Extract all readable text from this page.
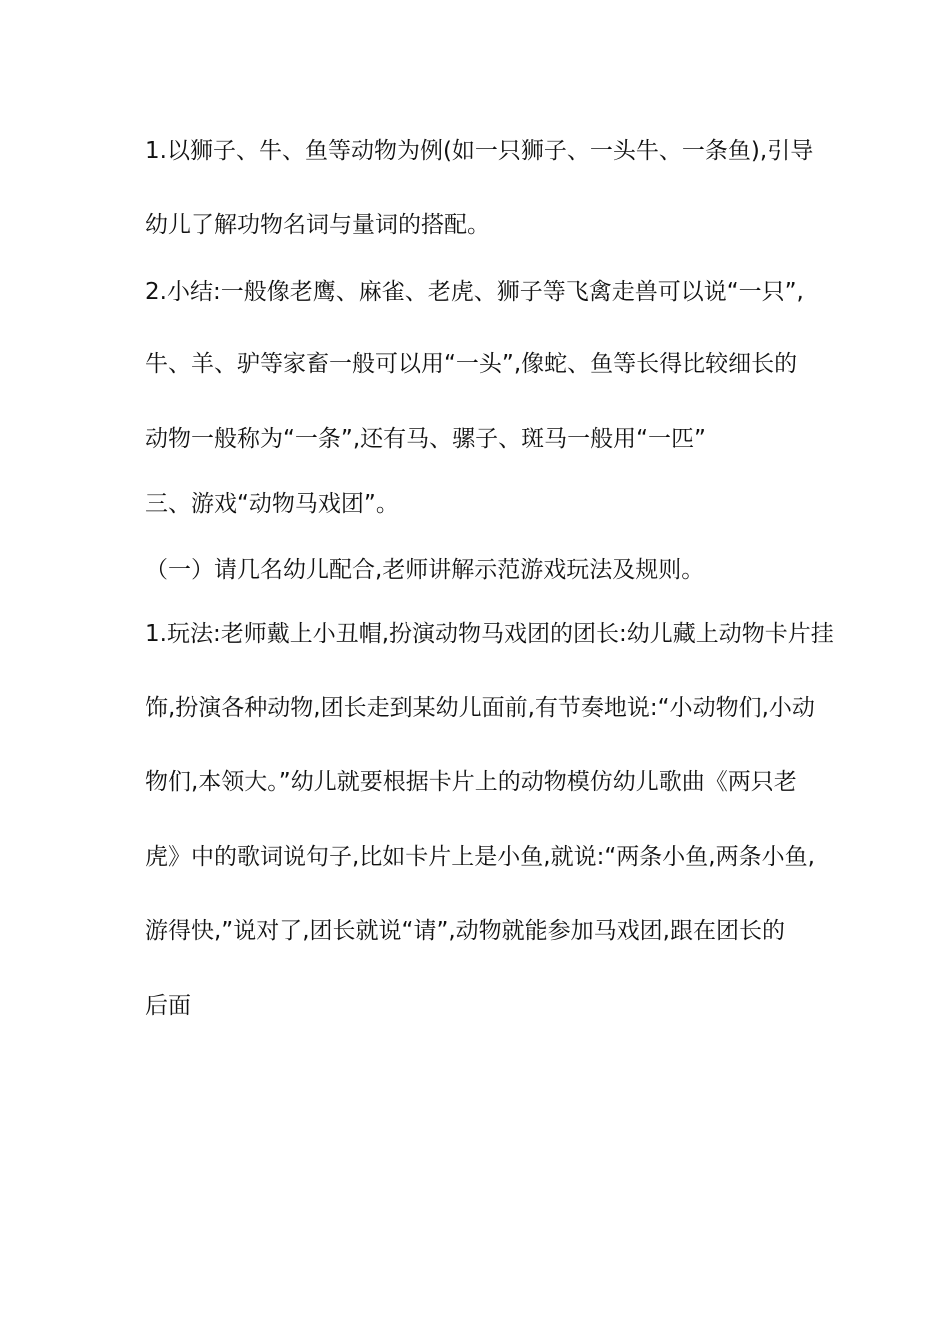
1.以狮子、牛、鱼等动物为例(如一只狮子、一头牛、一条鱼),引导
幼儿了解功物名词与量词的搭配。
2.小结:一般像老鹰、麻雀、老虎、狮子等飞禽走兽可以说“一只”,
牛、羊、驴等家畜一般可以用“一头”,像蛇、鱼等长得比较细长的
动物一般称为“一条”,还有马、骡子、斑马一般用“一匹”
三、游戏“动物马戏团”。
（一）请几名幼儿配合,老师讲解示范游戏玩法及规则。
1.玩法:老师戴上小丑帽,扮演动物马戏团的团长:幼儿藏上动物卡片挂
饰,扮演各种动物,团长走到某幼儿面前,有节奏地说:“小动物们,小动
物们,本领大。”幼儿就要根据卡片上的动物模仿幼儿歌曲《两只老
虎》中的歌词说句子,比如卡片上是小鱼,就说:“两条小鱼,两条小鱼,
游得快,”说对了,团长就说“请”,动物就能参加马戏团,跟在团长的
后面
